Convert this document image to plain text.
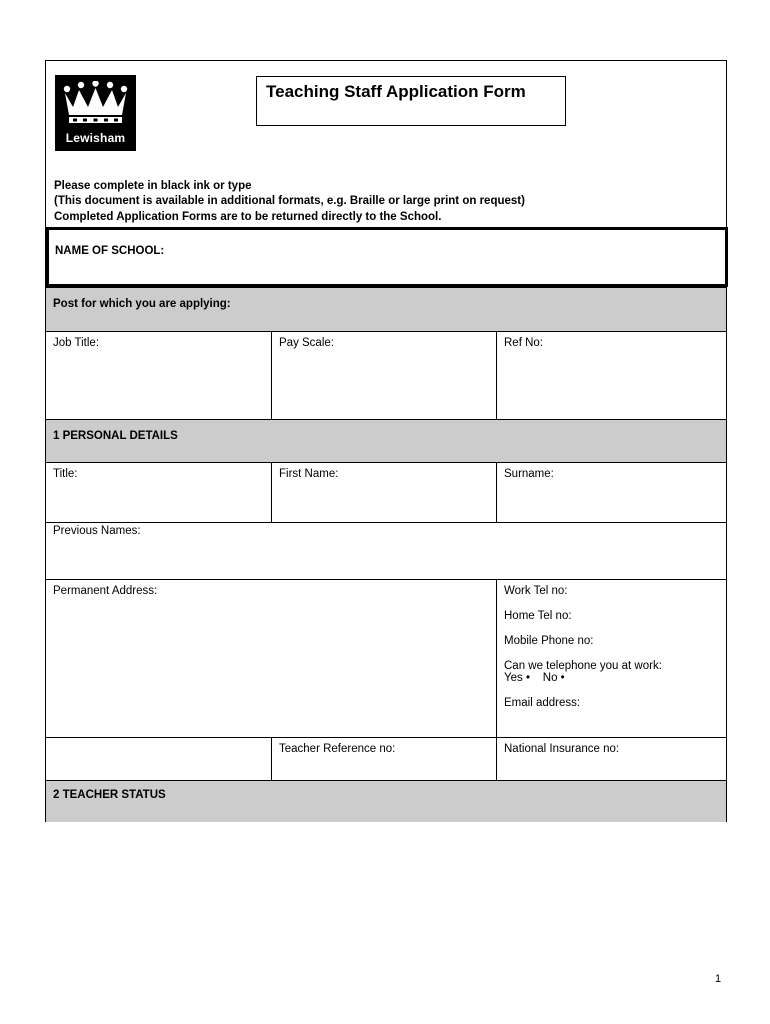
Lewisham
Teaching Staff Application Form
Please complete in black ink or type
(This document is available in additional formats, e.g. Braille or large print on request)
Completed Application Forms are to be returned directly to the School.
NAME OF SCHOOL:
Post for which you are applying:
Job Title:	Pay Scale:	Ref No:
1 PERSONAL DETAILS
Title:	First Name:	Surname:
Previous Names:
Permanent Address:	Work Tel no:
Home Tel no:
Mobile Phone no:
Can we telephone you at work:
Yes •    No •
Email address:
Teacher Reference no:	National Insurance no:
2 TEACHER STATUS
1
